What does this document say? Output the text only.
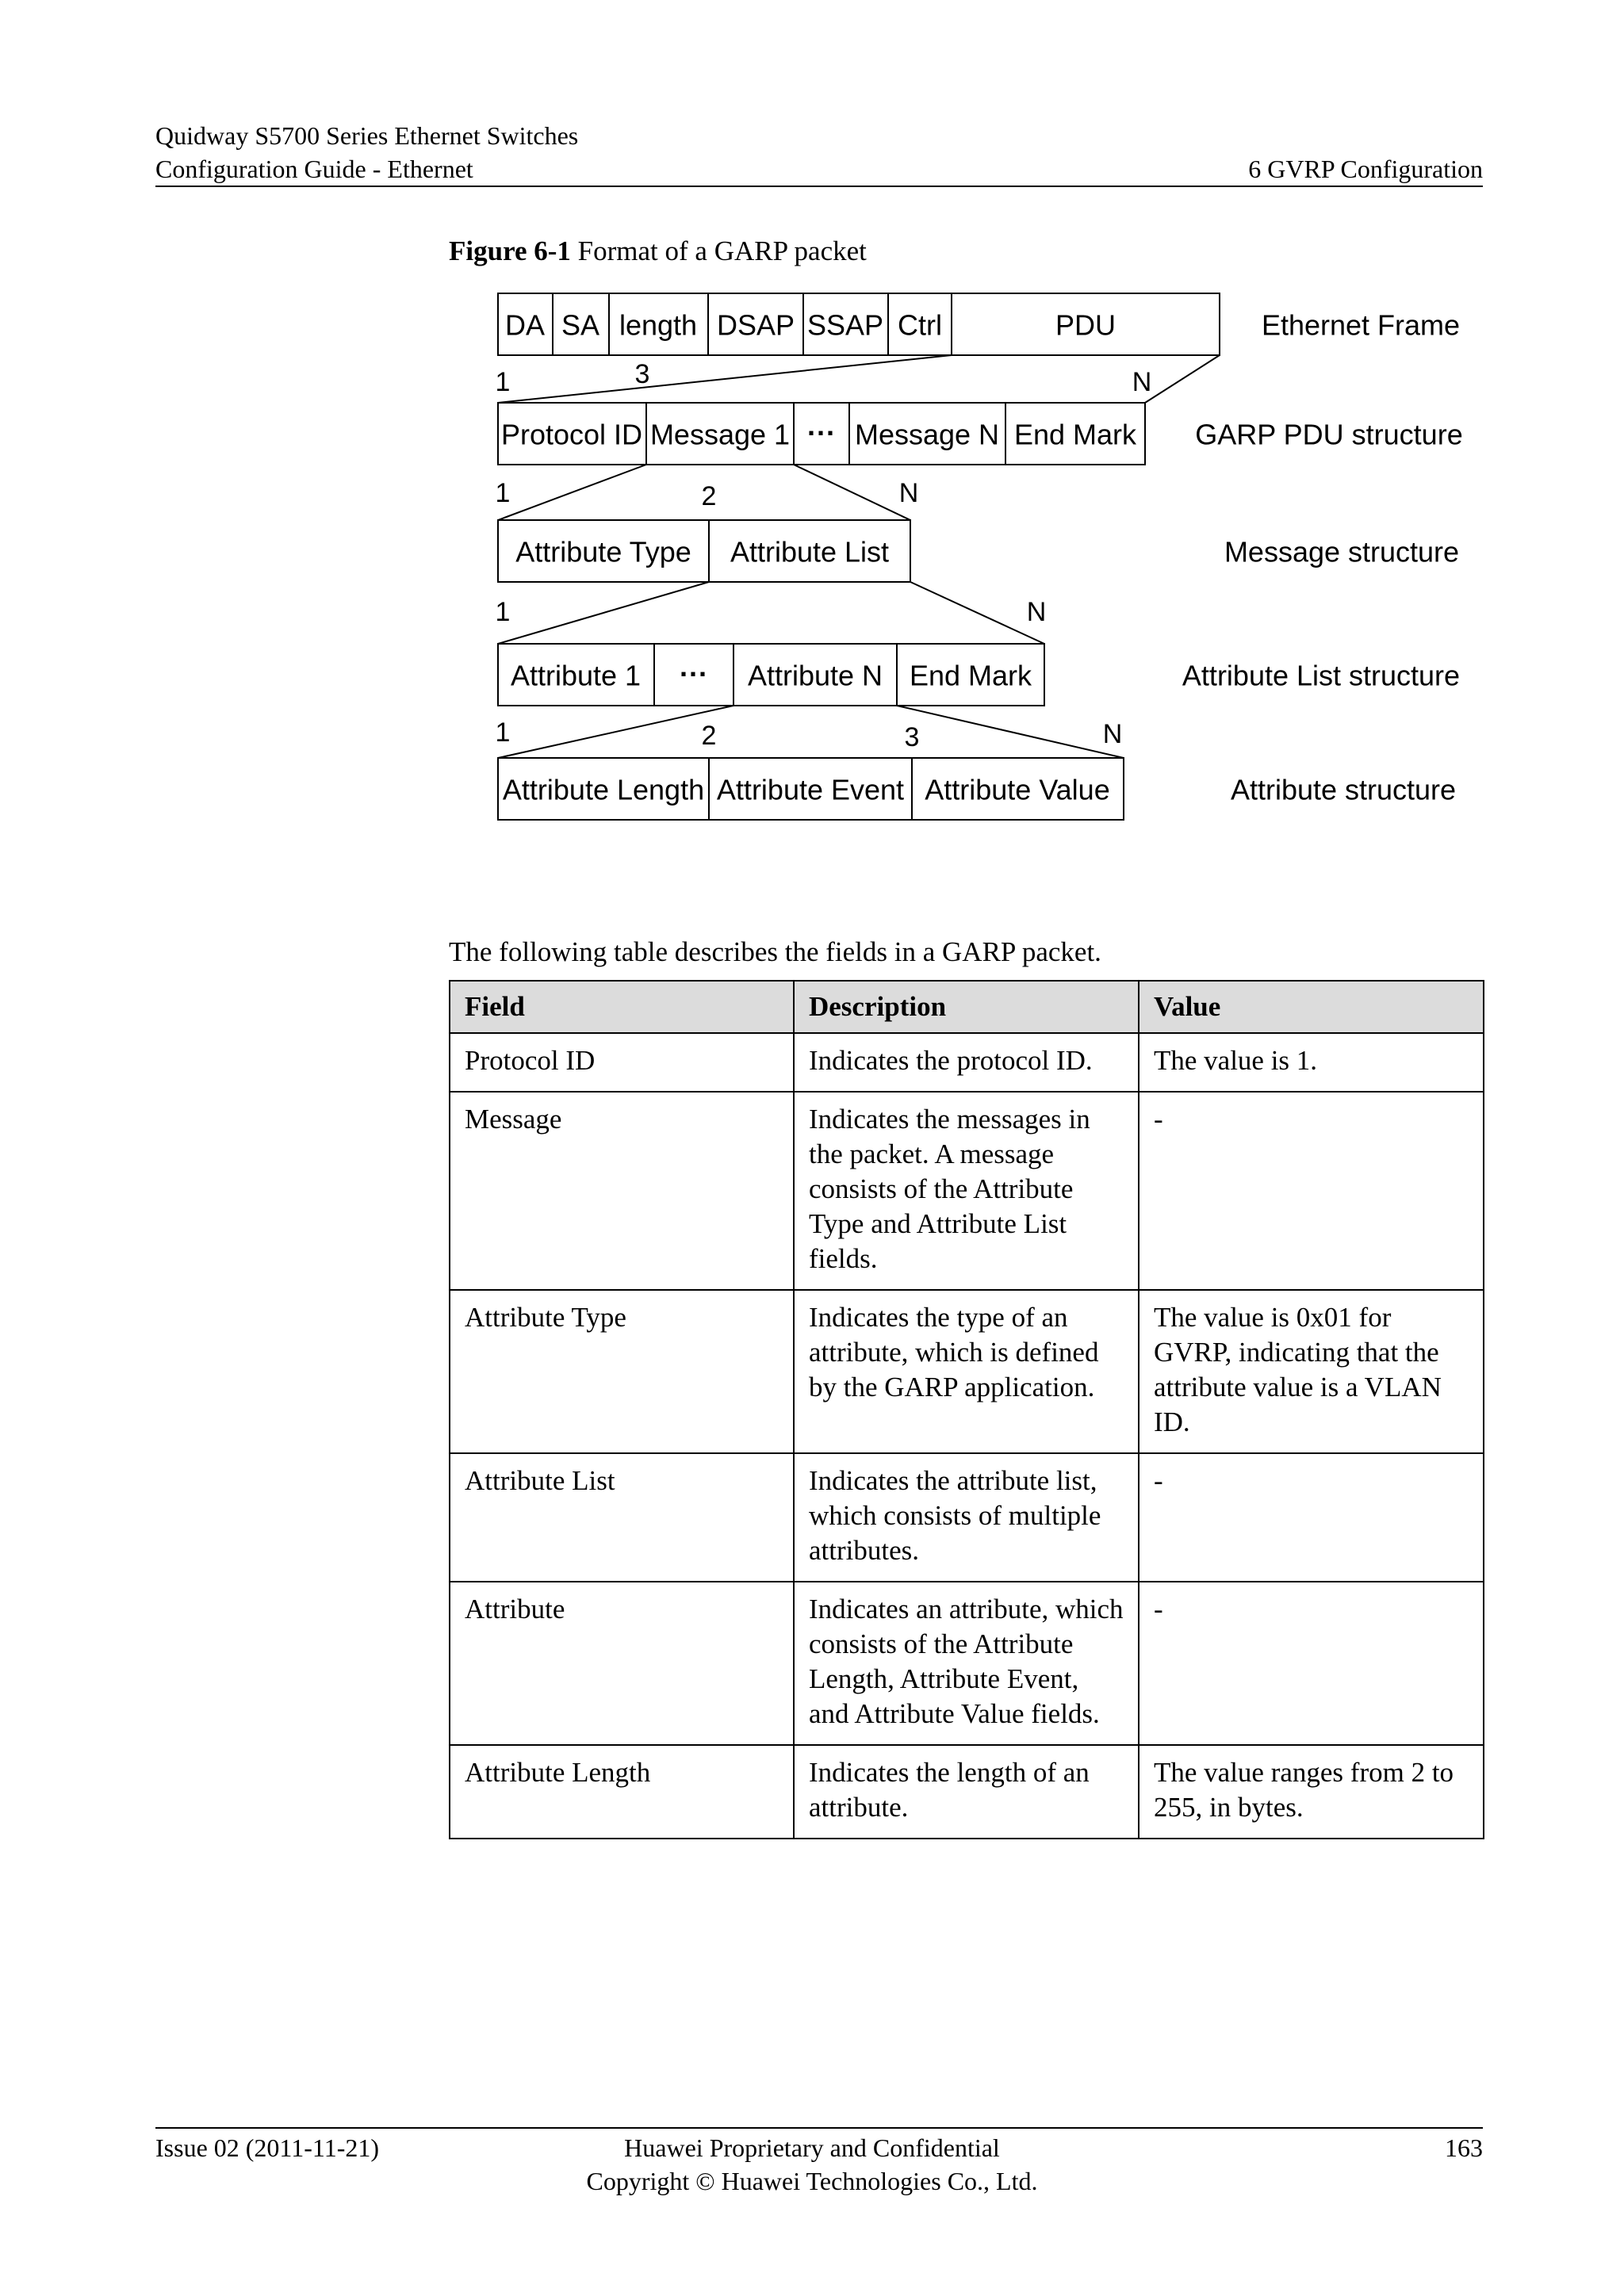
Quidway S5700 Series Ethernet Switches
Configuration Guide - Ethernet	6 GVRP Configuration
Figure 6-1 Format of a GARP packet
DA SA length DSAP SSAP Ctrl	PDU
Protocol ID Message 1 ··· Message N End Mark
Attribute Type Attribute List
Attribute 1 ··· Attribute N End Mark
Attribute Length Attribute Event Attribute Value
Ethernet Frame
GARP PDU structure
Message structure
Attribute List structure
Attribute structure
1	3	N
1	2	N
1	N
1	2	3	N
The following table describes the fields in a GARP packet.
Field	Description	Value
Protocol ID	Indicates the protocol ID.	The value is 1.
Message	Indicates the messages in the packet. A message consists of the Attribute Type and Attribute List fields.	-
Attribute Type	Indicates the type of an attribute, which is defined by the GARP application.	The value is 0x01 for GVRP, indicating that the attribute value is a VLAN ID.
Attribute List	Indicates the attribute list, which consists of multiple attributes.	-
Attribute	Indicates an attribute, which consists of the Attribute Length, Attribute Event, and Attribute Value fields.	-
Attribute Length	Indicates the length of an attribute.	The value ranges from 2 to 255, in bytes.
Issue 02 (2011-11-21)	Huawei Proprietary and Confidential
Copyright © Huawei Technologies Co., Ltd.
163
